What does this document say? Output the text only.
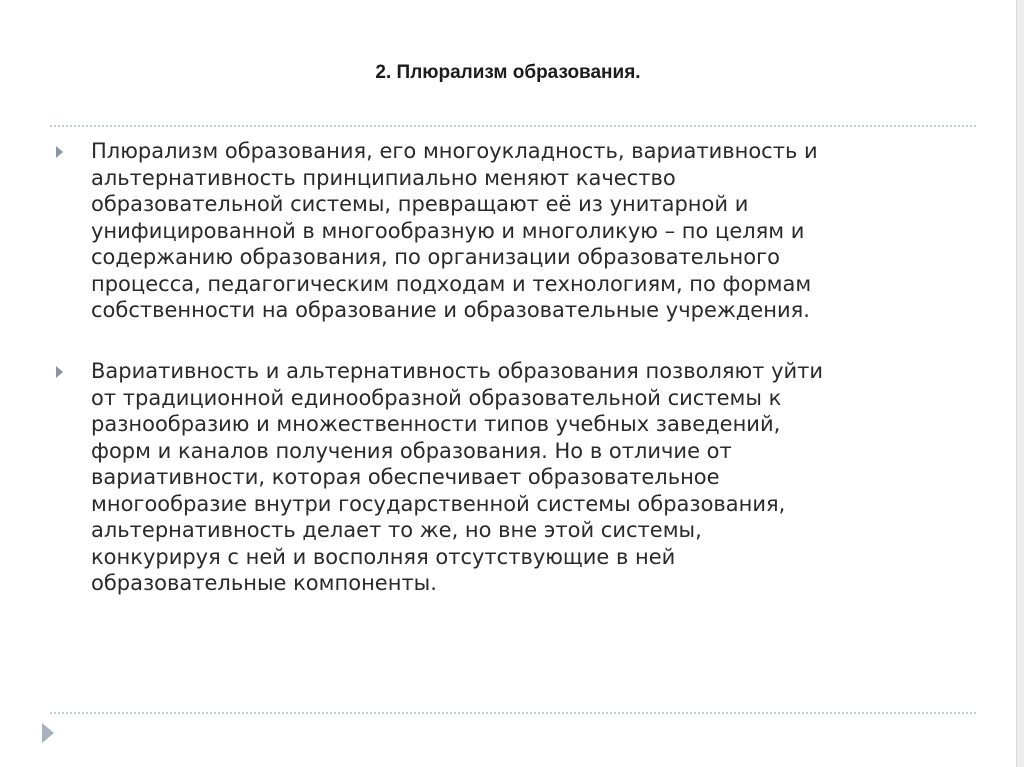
2. Плюрализм образования.

Плюрализм образования, его многоукладность, вариативность и
альтернативность принципиально меняют качество
образовательной системы, превращают её из унитарной и
унифицированной в многообразную и многоликую – по целям и
содержанию образования, по организации образовательного
процесса, педагогическим подходам и технологиям, по формам
собственности на образование и образовательные учреждения.

Вариативность и альтернативность образования позволяют уйти
от традиционной единообразной образовательной системы к
разнообразию и множественности типов учебных заведений,
форм и каналов получения образования. Но в отличие от
вариативности, которая обеспечивает образовательное
многообразие внутри государственной системы образования,
альтернативность делает то же, но вне этой системы,
конкурируя с ней и восполняя отсутствующие в ней
образовательные компоненты.
